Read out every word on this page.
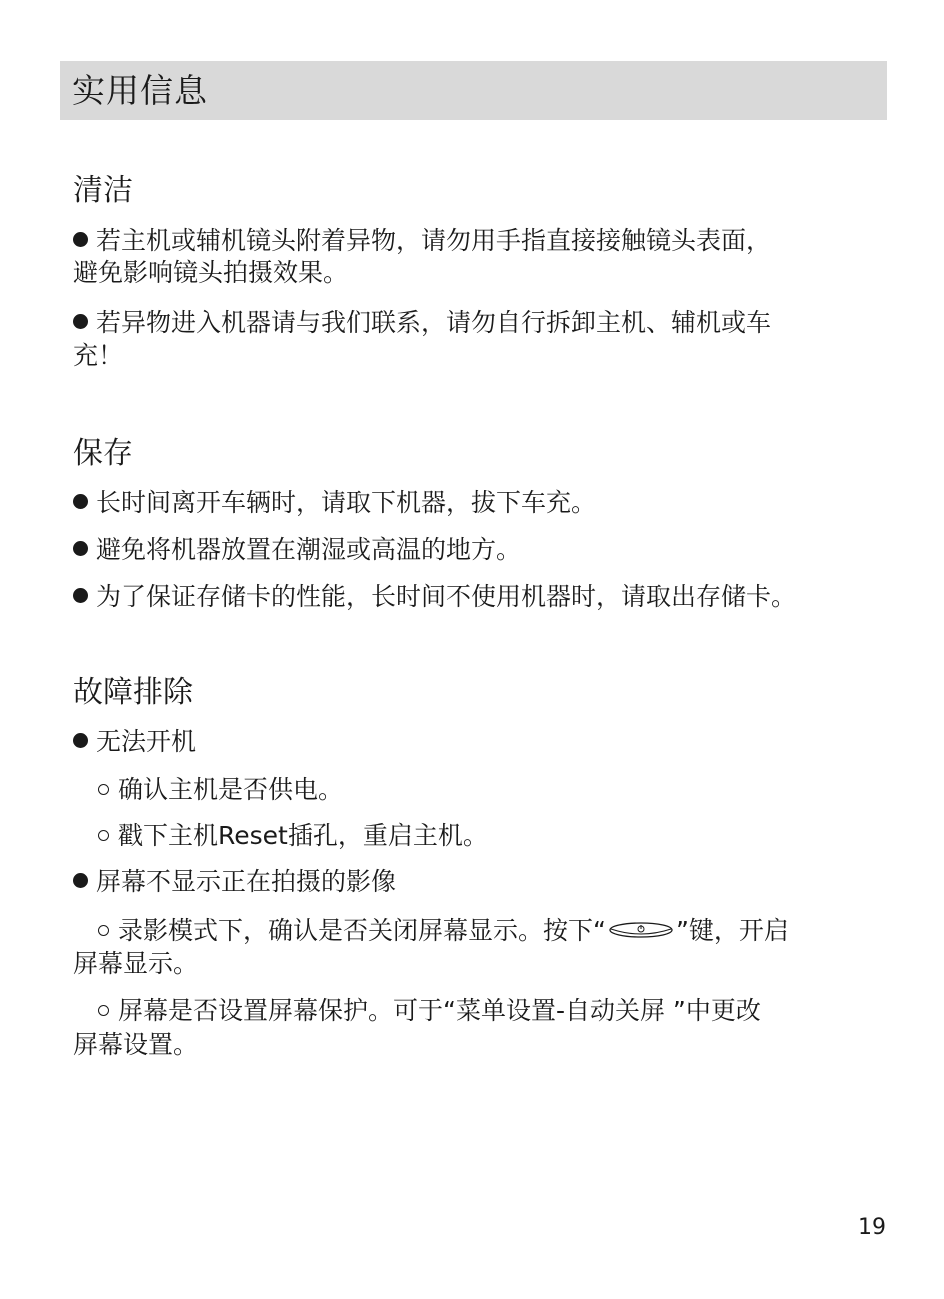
实用信息
清洁
若主机或辅机镜头附着异物，请勿用手指直接接触镜头表面，
避免影响镜头拍摄效果。
若异物进入机器请与我们联系，请勿自行拆卸主机、辅机或车
充！
保存
长时间离开车辆时，请取下机器，拔下车充。
避免将机器放置在潮湿或高温的地方。
为了保证存储卡的性能，长时间不使用机器时，请取出存储卡。
故障排除
无法开机
确认主机是否供电。
戳下主机Reset插孔，重启主机。
屏幕不显示正在拍摄的影像
录影模式下，确认是否关闭屏幕显示。按下“	”键，开启
屏幕显示。
屏幕是否设置屏幕保护。可于“菜单设置-自动关屏 ”中更改
屏幕设置。
19
